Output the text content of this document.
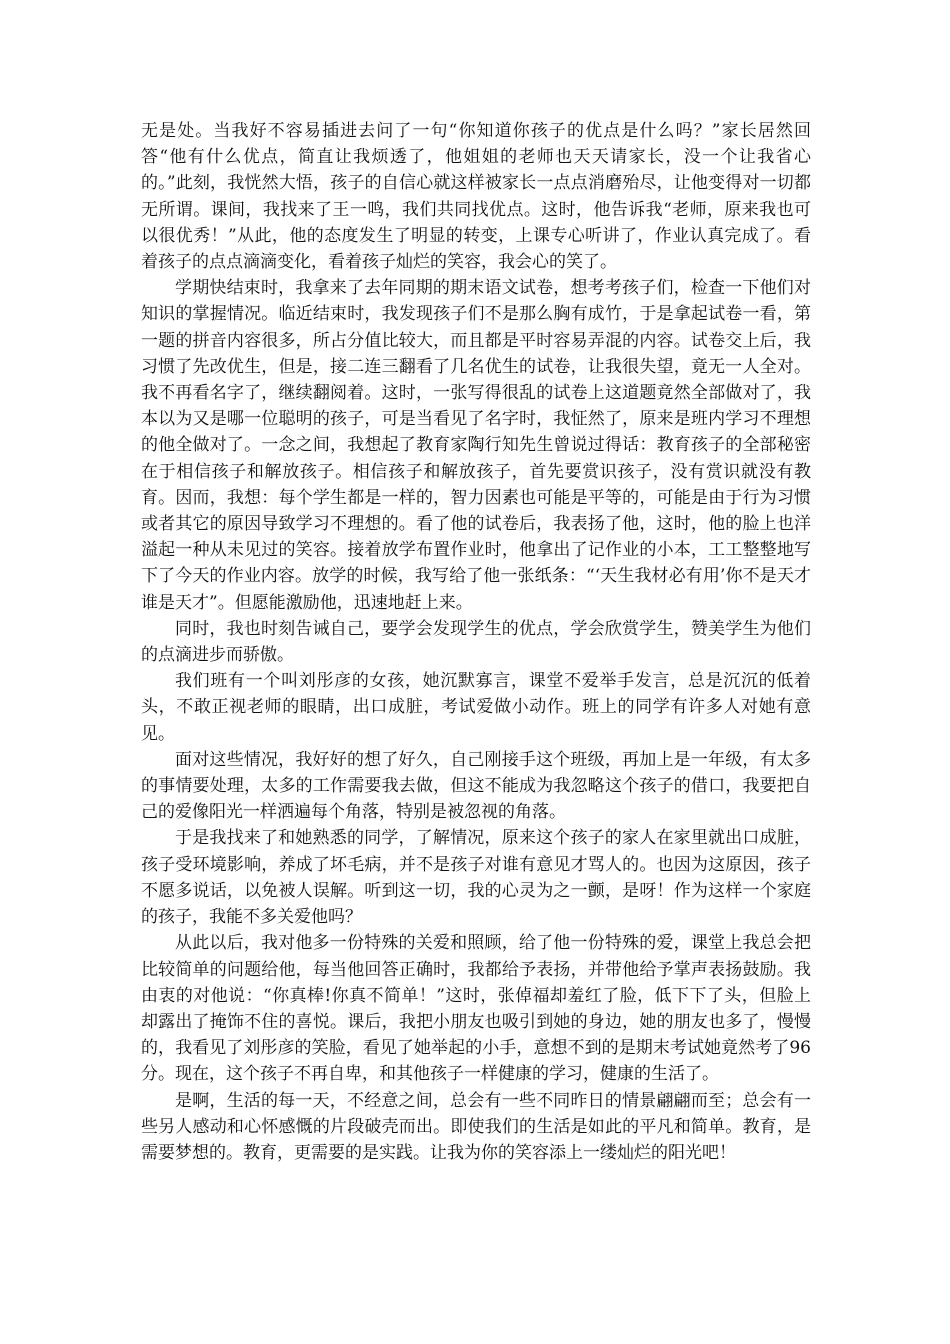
无是处。当我好不容易插进去问了一句“你知道你孩子的优点是什么吗？”家长居然回答“他有什么优点，简直让我烦透了，他姐姐的老师也天天请家长，没一个让我省心的。”此刻，我恍然大悟，孩子的自信心就这样被家长一点点消磨殆尽，让他变得对一切都无所谓。课间，我找来了王一鸣，我们共同找优点。这时，他告诉我“老师，原来我也可以很优秀！”从此，他的态度发生了明显的转变，上课专心听讲了，作业认真完成了。看着孩子的点点滴滴变化，看着孩子灿烂的笑容，我会心的笑了。

学期快结束时，我拿来了去年同期的期末语文试卷，想考考孩子们，检查一下他们对知识的掌握情况。临近结束时，我发现孩子们不是那么胸有成竹，于是拿起试卷一看，第一题的拼音内容很多，所占分值比较大，而且都是平时容易弄混的内容。试卷交上后，我习惯了先改优生，但是，接二连三翻看了几名优生的试卷，让我很失望，竟无一人全对。我不再看名字了，继续翻阅着。这时，一张写得很乱的试卷上这道题竟然全部做对了，我本以为又是哪一位聪明的孩子，可是当看见了名字时，我怔然了，原来是班内学习不理想的他全做对了。一念之间，我想起了教育家陶行知先生曾说过得话：教育孩子的全部秘密在于相信孩子和解放孩子。相信孩子和解放孩子，首先要赏识孩子，没有赏识就没有教育。因而，我想：每个学生都是一样的，智力因素也可能是平等的，可能是由于行为习惯或者其它的原因导致学习不理想的。看了他的试卷后，我表扬了他，这时，他的脸上也洋溢起一种从未见过的笑容。接着放学布置作业时，他拿出了记作业的小本，工工整整地写下了今天的作业内容。放学的时候，我写给了他一张纸条：“‘天生我材必有用’你不是天才谁是天才”。但愿能激励他，迅速地赶上来。

同时，我也时刻告诫自己，要学会发现学生的优点，学会欣赏学生，赞美学生为他们的点滴进步而骄傲。

我们班有一个叫刘彤彦的女孩，她沉默寡言，课堂不爱举手发言，总是沉沉的低着头，不敢正视老师的眼睛，出口成脏，考试爱做小动作。班上的同学有许多人对她有意见。

面对这些情况，我好好的想了好久，自己刚接手这个班级，再加上是一年级，有太多的事情要处理，太多的工作需要我去做，但这不能成为我忽略这个孩子的借口，我要把自己的爱像阳光一样洒遍每个角落，特别是被忽视的角落。

于是我找来了和她熟悉的同学，了解情况，原来这个孩子的家人在家里就出口成脏，孩子受环境影响，养成了坏毛病，并不是孩子对谁有意见才骂人的。也因为这原因，孩子不愿多说话，以免被人误解。听到这一切，我的心灵为之一颤，是呀！作为这样一个家庭的孩子，我能不多关爱他吗？

从此以后，我对他多一份特殊的关爱和照顾，给了他一份特殊的爱，课堂上我总会把比较简单的问题给他，每当他回答正确时，我都给予表扬，并带他给予掌声表扬鼓励。我由衷的对他说：“你真棒!你真不简单！”这时，张倬福却羞红了脸，低下下了头，但脸上却露出了掩饰不住的喜悦。课后，我把小朋友也吸引到她的身边，她的朋友也多了，慢慢的，我看见了刘彤彦的笑脸，看见了她举起的小手，意想不到的是期末考试她竟然考了96分。现在，这个孩子不再自卑，和其他孩子一样健康的学习，健康的生活了。

是啊，生活的每一天，不经意之间，总会有一些不同昨日的情景翩翩而至；总会有一些另人感动和心怀感慨的片段破壳而出。即使我们的生活是如此的平凡和简单。教育，是需要梦想的。教育，更需要的是实践。让我为你的笑容添上一缕灿烂的阳光吧！
